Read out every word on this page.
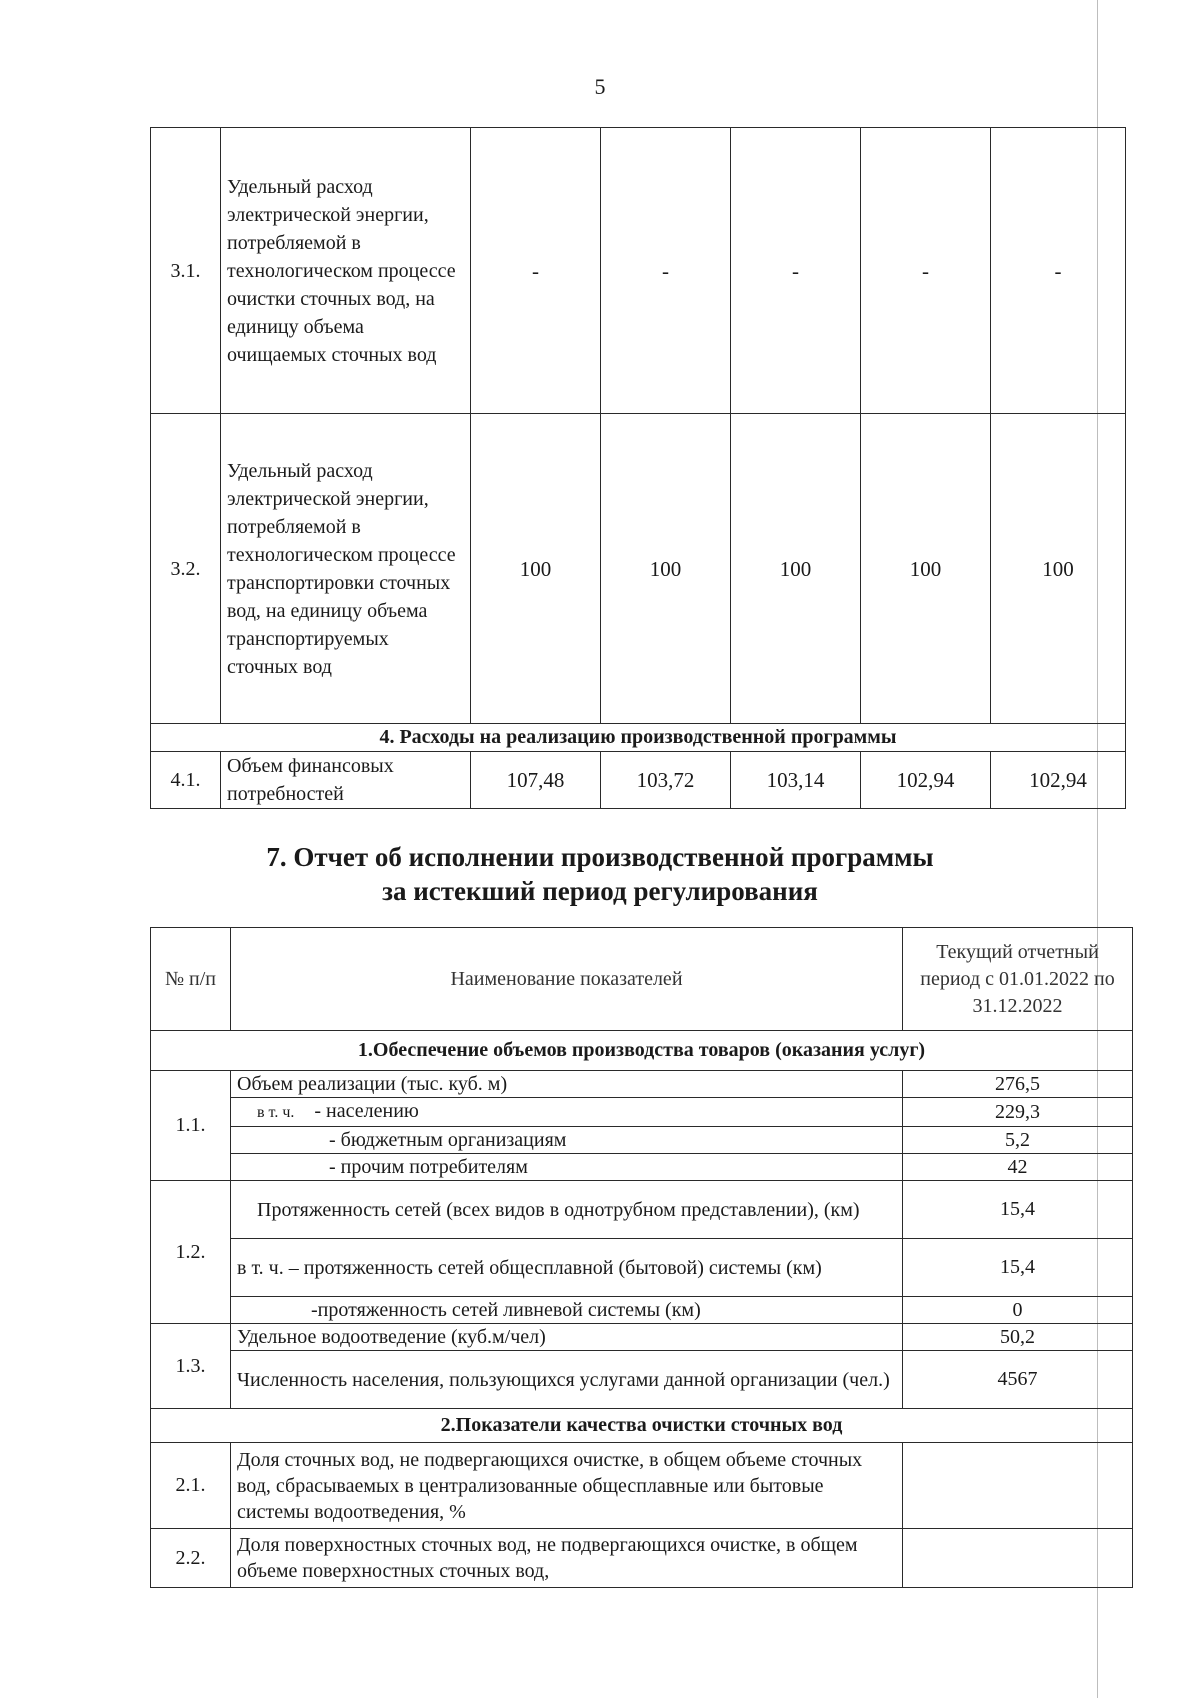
5
3.1.	Удельный расход электрической энергии, потребляемой в технологическом процессе очистки сточных вод, на единицу объема очищаемых сточных вод	-	-	-	-	-
3.2.	Удельный расход электрической энергии, потребляемой в технологическом процессе транспортировки сточных вод, на единицу объема транспортируемых сточных вод	100	100	100	100	100
4. Расходы на реализацию производственной программы						
4.1.	Объем финансовых потребностей	107,48	103,72	103,14	102,94	102,94
7. Отчет об исполнении производственной программы
за истекший период регулирования
№ п/п	Наименование показателей	Текущий отчетный период с 01.01.2022 по 31.12.2022
1.Обеспечение объемов производства товаров (оказания услуг)		
1.1.	Объем реализации (тыс. куб. м)	276,5
	в т. ч. - населению	229,3
	- бюджетным организациям	5,2
	- прочим потребителям	42
1.2.	Протяженность сетей (всех видов в однотрубном представлении), (км)	15,4
	в т. ч. – протяженность сетей общесплавной (бытовой) системы (км)	15,4
	-протяженность сетей ливневой системы (км)	0
1.3.	Удельное водоотведение (куб.м/чел)	50,2
	Численность населения, пользующихся услугами данной организации (чел.)	4567
2.Показатели качества очистки сточных вод		
2.1.	Доля сточных вод, не подвергающихся очистке, в общем объеме сточных вод, сбрасываемых в централизованные общесплавные или бытовые системы водоотведения, %	
2.2.	Доля поверхностных сточных вод, не подвергающихся очистке, в общем объеме поверхностных сточных вод,	
